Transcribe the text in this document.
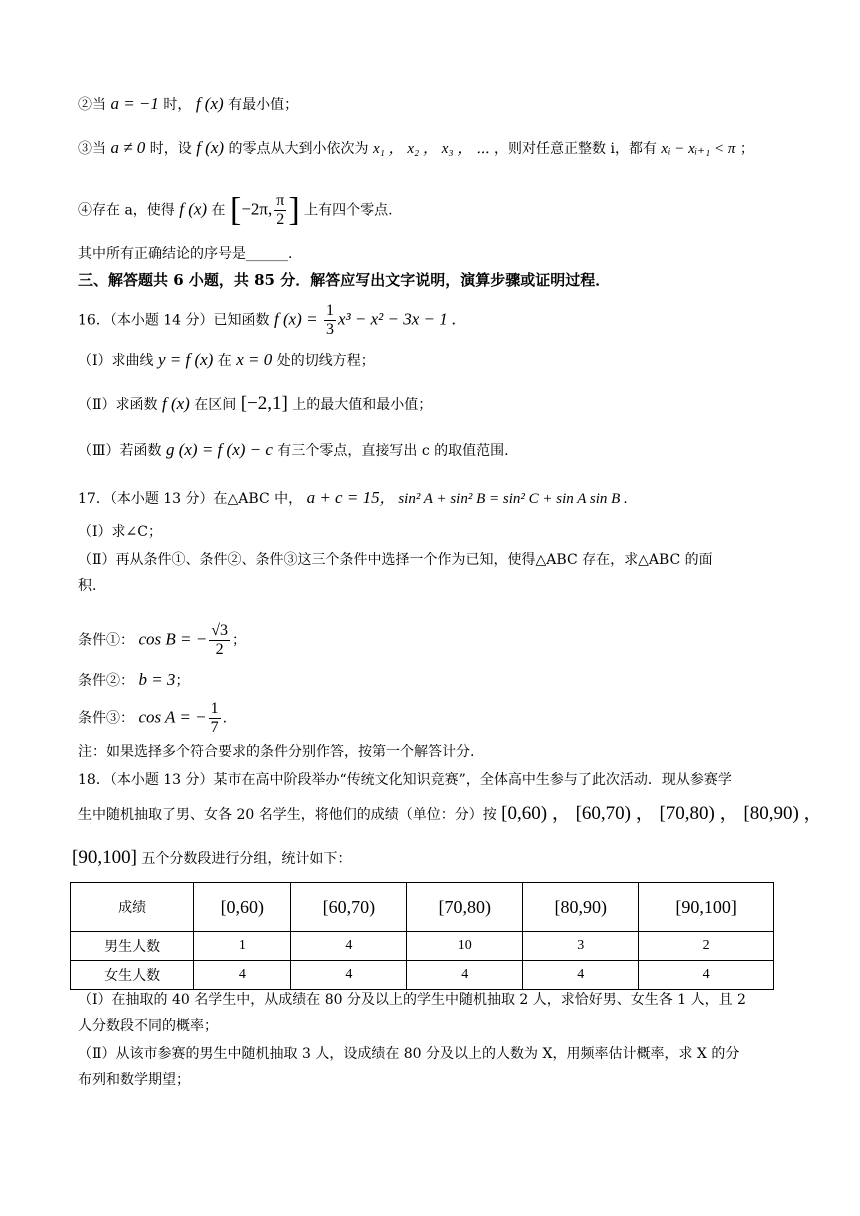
②当 a = −1 时， f (x) 有最小值；
③当 a ≠ 0 时，设 f (x) 的零点从大到小依次为 x₁ ， x₂ ， x₃ ， ⋯ ，则对任意正整数 i，都有 xᵢ − xᵢ₊₁ < π ；
④存在 a，使得 f (x) 在 [−2π, $\frac{\pi}{2}$ ] 上有四个零点.
其中所有正确结论的序号是______.
三、解答题共 6 小题，共 85 分．解答应写出文字说明，演算步骤或证明过程．
16．（本小题 14 分）已知函数 f $(x) = \frac{1}{3} x^3 - x^2 - 3x - 1$ .
（Ⅰ）求曲线 y = f (x) 在 x = 0 处的切线方程；
（Ⅱ）求函数 f (x) 在区间 [−2,1] 上的最大值和最小值；
（Ⅲ）若函数 g (x) = f (x) − c 有三个零点，直接写出 c 的取值范围.
17．（本小题 13 分）在△ABC 中， a + c = 15， sin² A + sin² B = sin² C + sin A sin B .
（Ⅰ）求∠C；
（Ⅱ）再从条件①、条件②、条件③这三个条件中选择一个作为已知，使得△ABC 存在，求△ABC 的面
积.
条件①： cos B = − $\frac{√3}{2}$ ；
条件②： b = 3；
条件③： cos A = − $\frac{1}{7}$ .
注：如果选择多个符合要求的条件分别作答，按第一个解答计分.
18．（本小题 13 分）某市在高中阶段举办“传统文化知识竞赛”，全体高中生参与了此次活动．现从参赛学
生中随机抽取了男、女各 20 名学生，将他们的成绩（单位：分）按 [0,60) ， [60,70) ， [70,80) ， [80,90) ，
[90,100] 五个分数段进行分组，统计如下：
成绩	[0,60)	[60,70)	[70,80)	[80,90)	[90,100]
男生人数	1	4	10	3	2
女生人数	4	4	4	4	4
（Ⅰ）在抽取的 40 名学生中，从成绩在 80 分及以上的学生中随机抽取 2 人，求恰好男、女生各 1 人，且 2
人分数段不同的概率；
（Ⅱ）从该市参赛的男生中随机抽取 3 人，设成绩在 80 分及以上的人数为 X，用频率估计概率，求 X 的分
布列和数学期望；
